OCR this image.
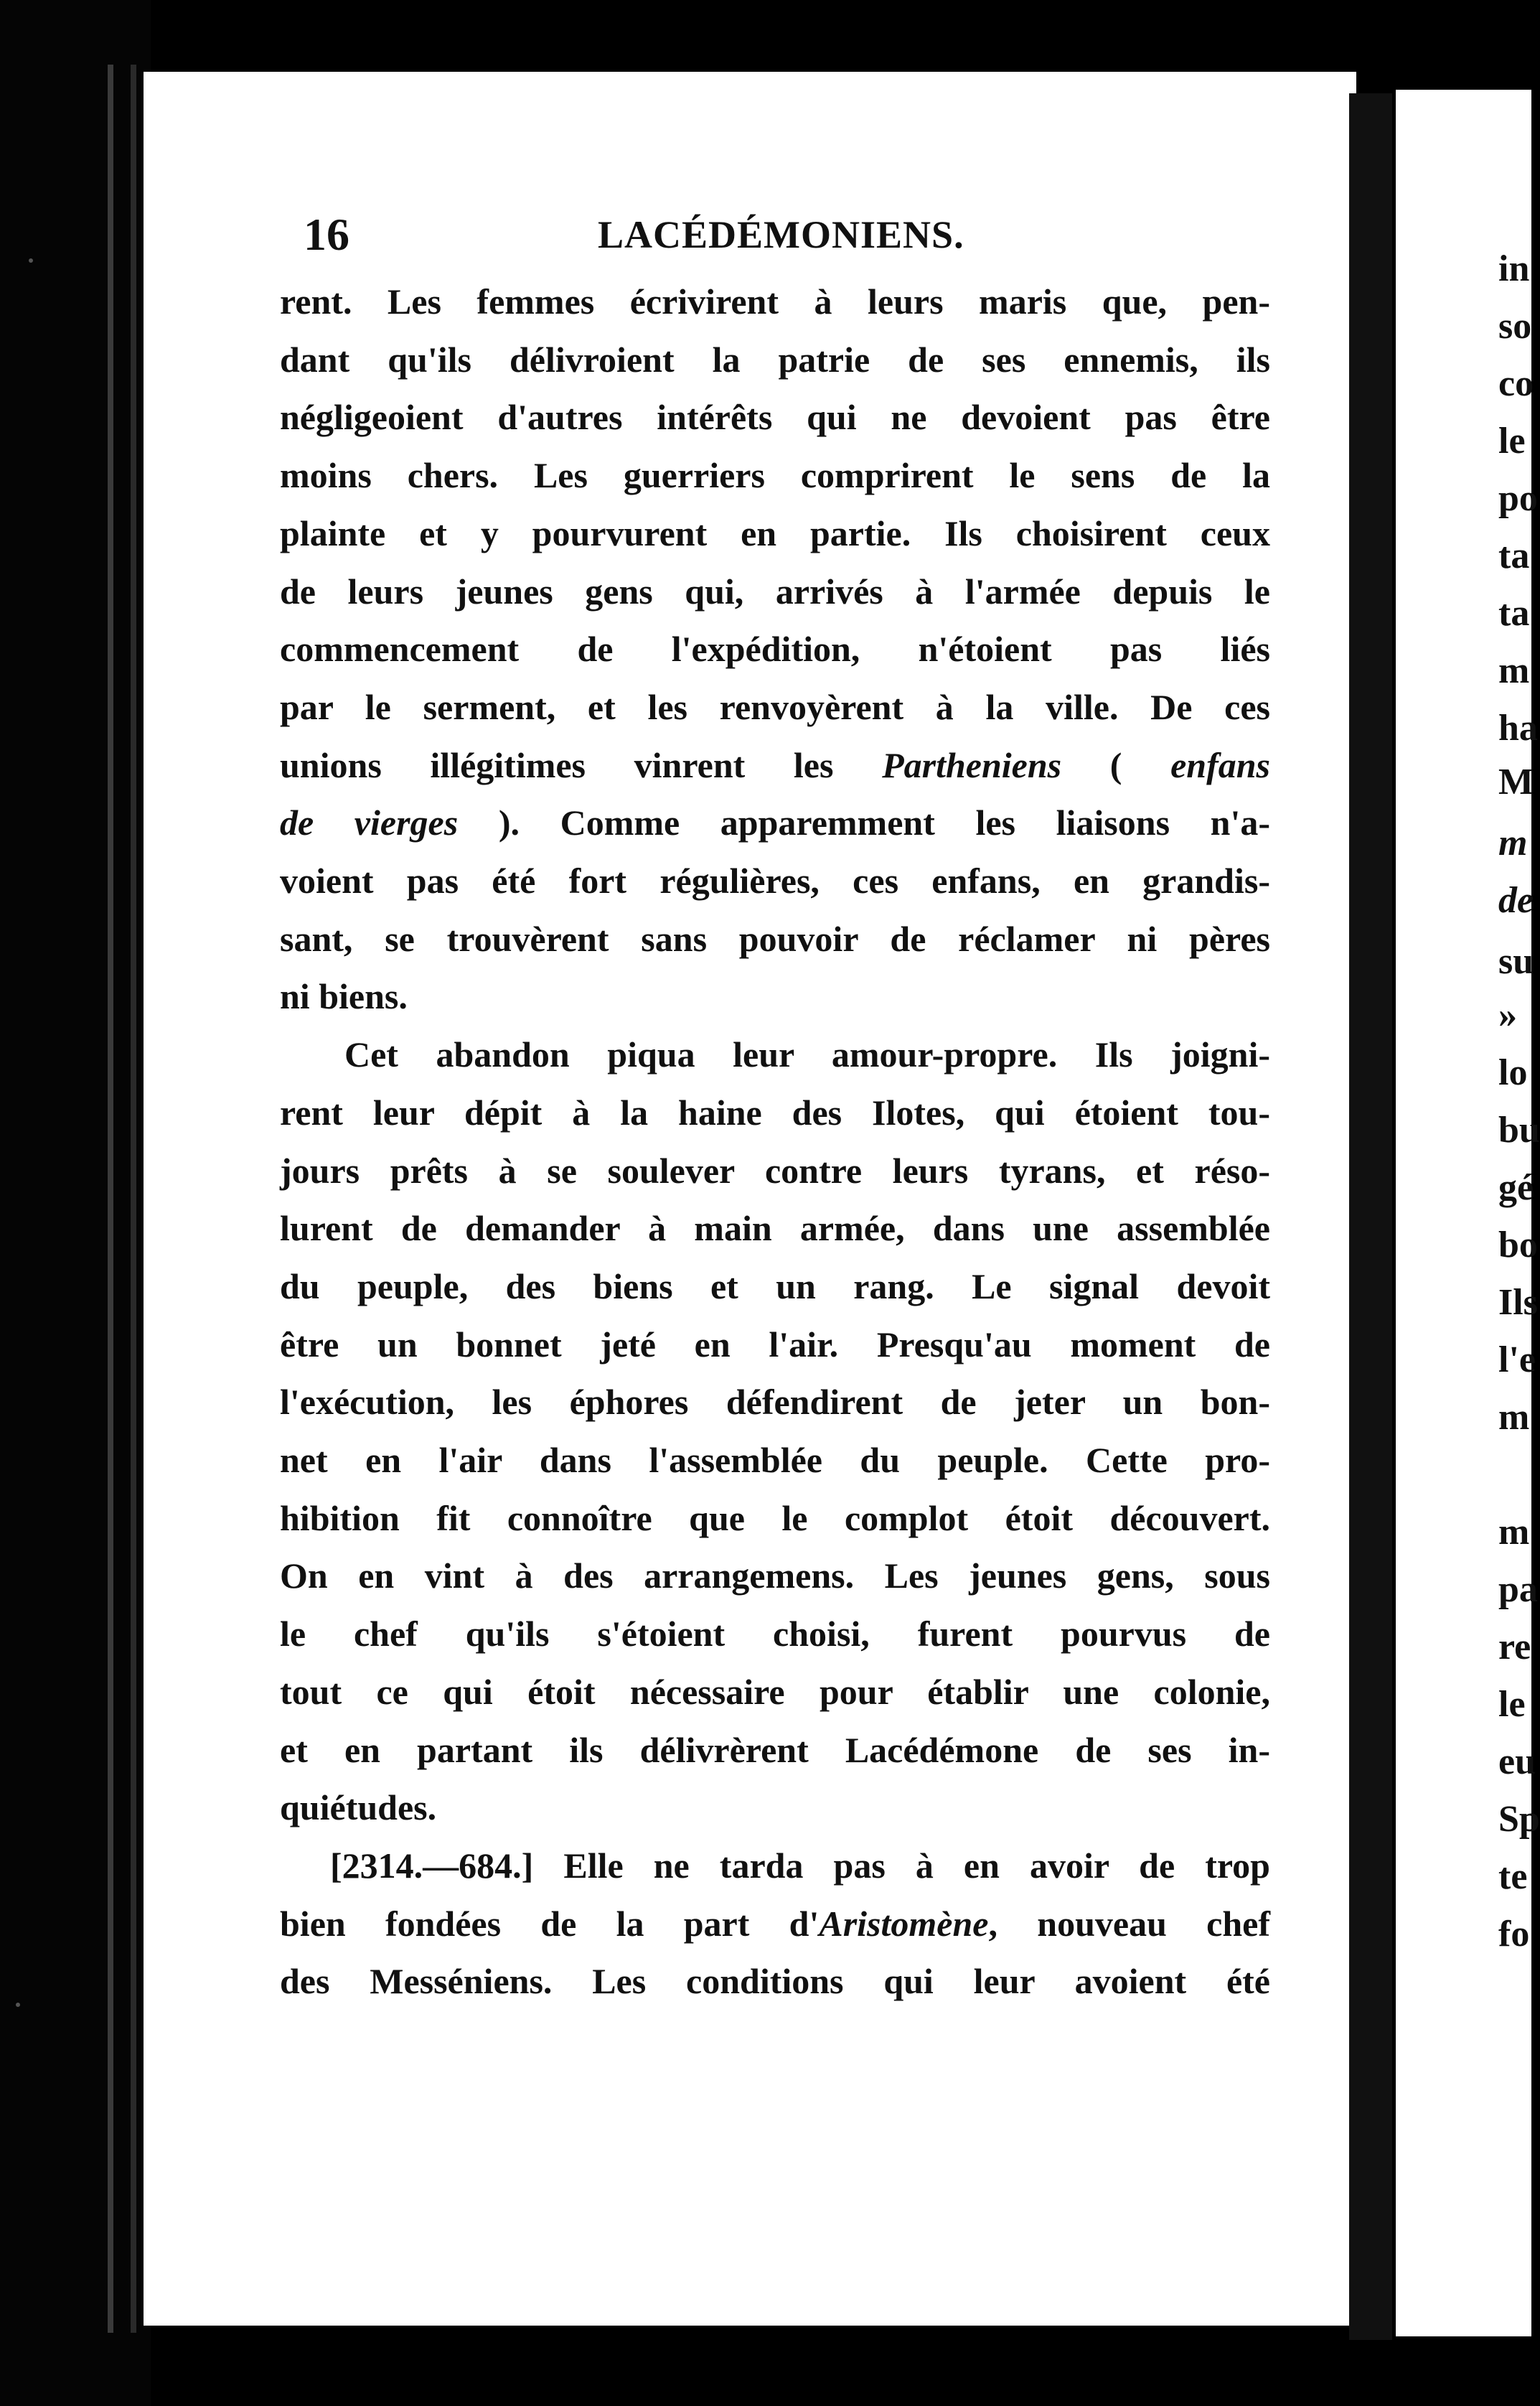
in
so
co
le
po
ta
ta
m
ha
M
m
de
su
»
lo
bu
gé
bo
Ils
l'e
m
m
pa
re
le
eu
Sp
te
fo
16	LACÉDÉMONIENS.
rent. Les femmes écrivirent à leurs maris que, pen-
dant qu'ils délivroient la patrie de ses ennemis, ils
négligeoient d'autres intérêts qui ne devoient pas être
moins chers. Les guerriers comprirent le sens de la
plainte et y pourvurent en partie. Ils choisirent ceux
de leurs jeunes gens qui, arrivés à l'armée depuis le
commencement de l'expédition, n'étoient pas liés
par le serment, et les renvoyèrent à la ville. De ces
unions illégitimes vinrent les Partheniens ( enfans
de vierges ). Comme apparemment les liaisons n'a-
voient pas été fort régulières, ces enfans, en grandis-
sant, se trouvèrent sans pouvoir de réclamer ni pères
ni biens.
Cet abandon piqua leur amour-propre. Ils joigni-
rent leur dépit à la haine des Ilotes, qui étoient tou-
jours prêts à se soulever contre leurs tyrans, et réso-
lurent de demander à main armée, dans une assemblée
du peuple, des biens et un rang. Le signal devoit
être un bonnet jeté en l'air. Presqu'au moment de
l'exécution, les éphores défendirent de jeter un bon-
net en l'air dans l'assemblée du peuple. Cette pro-
hibition fit connoître que le complot étoit découvert.
On en vint à des arrangemens. Les jeunes gens, sous
le chef qu'ils s'étoient choisi, furent pourvus de
tout ce qui étoit nécessaire pour établir une colonie,
et en partant ils délivrèrent Lacédémone de ses in-
quiétudes.
[2314.—684.] Elle ne tarda pas à en avoir de trop
bien fondées de la part d'Aristomène, nouveau chef
des Messéniens. Les conditions qui leur avoient été
